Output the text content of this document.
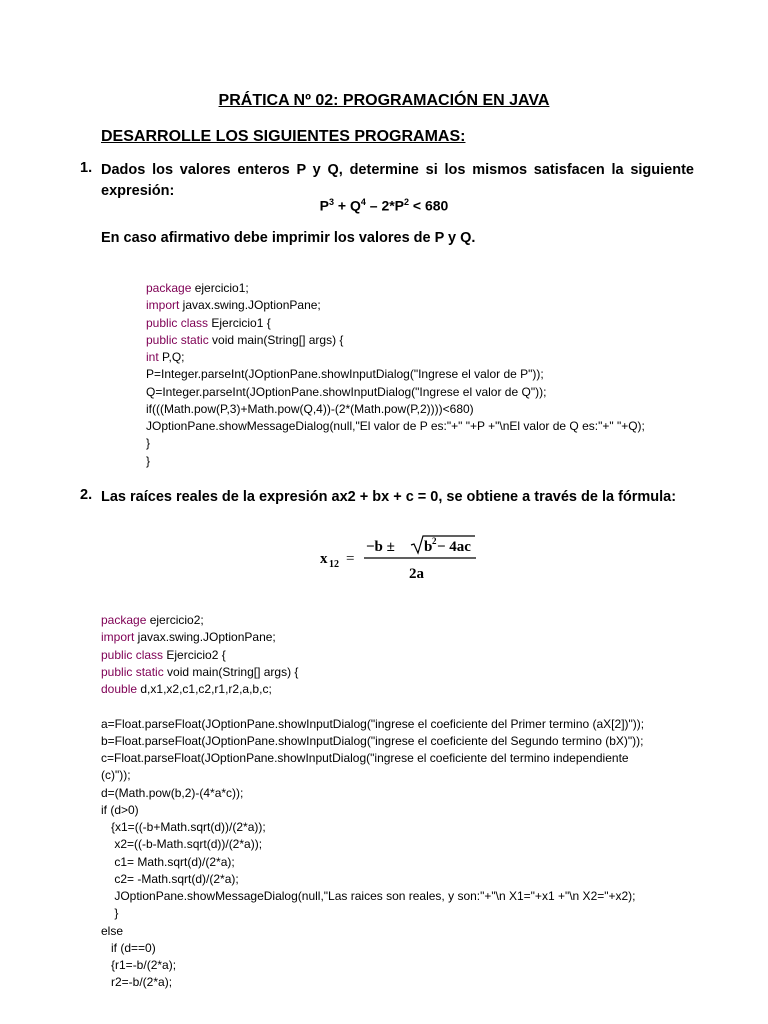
PRÁTICA Nº 02: PROGRAMACIÓN EN JAVA
DESARROLLE LOS SIGUIENTES PROGRAMAS:
1. Dados los valores enteros P y Q, determine si los mismos satisfacen la siguiente expresión:
$P^3 + Q^4 - 2*P^2 < 680$
En caso afirmativo debe imprimir los valores de P y Q.
package ejercicio1;
import javax.swing.JOptionPane;
public class Ejercicio1 {
public static void main(String[] args) {
int P,Q;
P=Integer.parseInt(JOptionPane.showInputDialog("Ingrese el valor de P"));
Q=Integer.parseInt(JOptionPane.showInputDialog("Ingrese el valor de Q"));
if(((Math.pow(P,3)+Math.pow(Q,4))-(2*(Math.pow(P,2))))<680)
JOptionPane.showMessageDialog(null,"El valor de P es:"+" "+P +"\nEl valor de Q es:"+" "+Q);
}
}
2. Las raíces reales de la expresión ax2 + bx + c = 0, se obtiene a través de la fórmula:
x 12 =
−b ± b 2 − 4ac
2a
package ejercicio2;
import javax.swing.JOptionPane;
public class Ejercicio2 {
public static void main(String[] args) {
double d,x1,x2,c1,c2,r1,r2,a,b,c;
a=Float.parseFloat(JOptionPane.showInputDialog("ingrese el coeficiente del Primer termino (aX[2])"));
b=Float.parseFloat(JOptionPane.showInputDialog("ingrese el coeficiente del Segundo termino (bX)"));
c=Float.parseFloat(JOptionPane.showInputDialog("ingrese el coeficiente del termino independiente
(c)"));
d=(Math.pow(b,2)-(4*a*c));
if (d>0)
{x1=((-b+Math.sqrt(d))/(2*a));
x2=((-b-Math.sqrt(d))/(2*a));
c1= Math.sqrt(d)/(2*a);
c2= -Math.sqrt(d)/(2*a);
JOptionPane.showMessageDialog(null,"Las raices son reales, y son:"+"\n X1="+x1 +"\n X2="+x2);
}
else
if (d==0)
{r1=-b/(2*a);
r2=-b/(2*a);
